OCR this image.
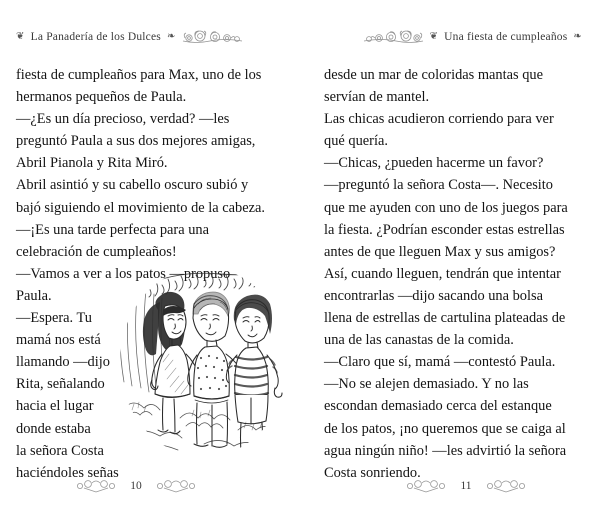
❦ La Panadería de los Dulces ❧

fiesta de cumpleaños para Max, uno de los
hermanos pequeños de Paula.

—¿Es un día precioso, verdad? —les
preguntó Paula a sus dos mejores amigas,
Abril Pianola y Rita Miró.

Abril asintió y su cabello oscuro subió y
bajó siguiendo el movimiento de la cabeza.

—¡Es una tarde perfecta para una
celebración de cumpleaños!

—Vamos a ver a los patos —propuso
Paula.

—Espera. Tu
mamá nos está
llamando —dijo
Rita, señalando
hacia el lugar
donde estaba
la señora Costa
haciéndoles señas

10
❧
Una fiesta de cumpleaños
❦

desde un mar de coloridas mantas que
servían de mantel.

Las chicas acudieron corriendo para ver
qué quería.

—Chicas, ¿pueden hacerme un favor?
—preguntó la señora Costa—. Necesito
que me ayuden con uno de los juegos para
la fiesta. ¿Podrían esconder estas estrellas
antes de que lleguen Max y sus amigos?
Así, cuando lleguen, tendrán que intentar
encontrarlas —dijo sacando una bolsa
llena de estrellas de cartulina plateadas de
una de las canastas de la comida.

—Claro que sí, mamá —contestó Paula.

—No se alejen demasiado. Y no las
escondan demasiado cerca del estanque
de los patos, ¡no queremos que se caiga al
agua ningún niño! —les advirtió la señora
Costa sonriendo.

11
